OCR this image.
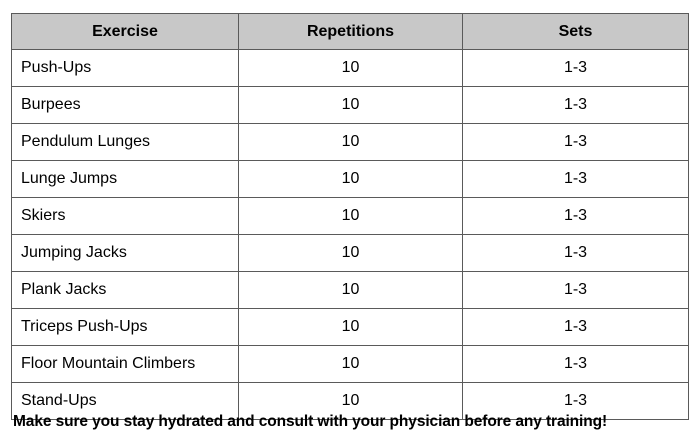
Exercise	Repetitions	Sets
Push-Ups	10	1-3
Burpees	10	1-3
Pendulum Lunges	10	1-3
Lunge Jumps	10	1-3
Skiers	10	1-3
Jumping Jacks	10	1-3
Plank Jacks	10	1-3
Triceps Push-Ups	10	1-3
Floor Mountain Climbers	10	1-3
Stand-Ups	10	1-3
Make sure you stay hydrated and consult with your physician before any training!
